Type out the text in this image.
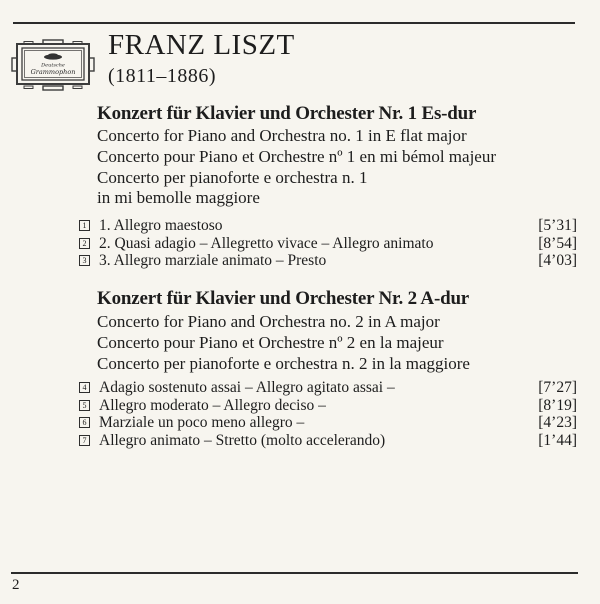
Deutsche
Grammophon
FRANZ LISZT
(1811–1886)
Konzert für Klavier und Orchester Nr. 1 Es-dur
Concerto for Piano and Orchestra no. 1 in E flat major
Concerto pour Piano et Orchestre nº 1 en mi bémol majeur
Concerto per pianoforte e orchestra n. 1
in mi bemolle maggiore
1 1. Allegro maestoso	[5’31]
2 2. Quasi adagio – Allegretto vivace – Allegro animato	[8’54]
3 3. Allegro marziale animato – Presto	[4’03]
Konzert für Klavier und Orchester Nr. 2 A-dur
Concerto for Piano and Orchestra no. 2 in A major
Concerto pour Piano et Orchestre nº 2 en la majeur
Concerto per pianoforte e orchestra n. 2 in la maggiore
4 Adagio sostenuto assai – Allegro agitato assai –	[7’27]
5 Allegro moderato – Allegro deciso –	[8’19]
6 Marziale un poco meno allegro –	[4’23]
7 Allegro animato – Stretto (molto accelerando)	[1’44]
2
